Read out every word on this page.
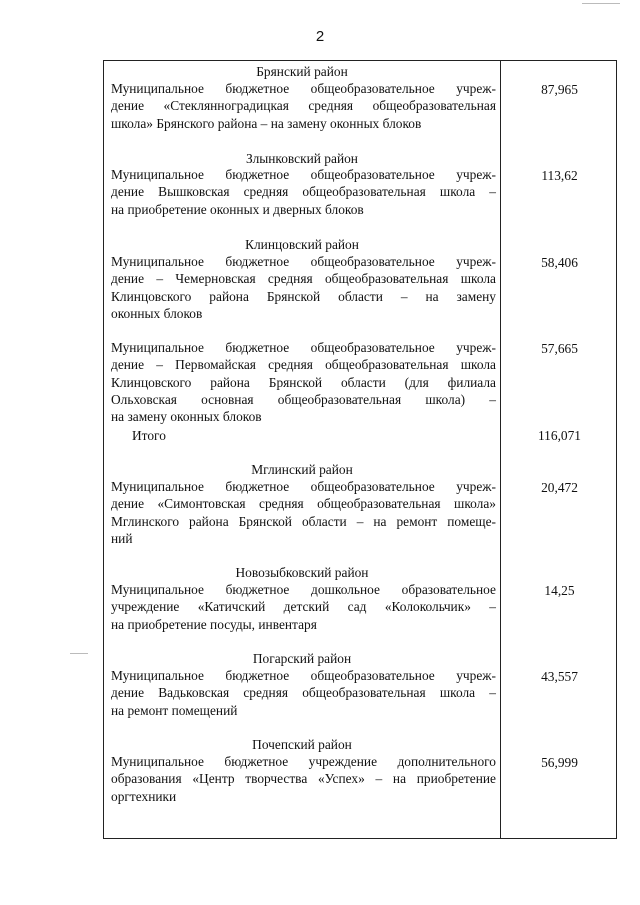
2
Брянский район
Муниципальное бюджетное общеобразовательное учреж-
дение «Стеклянноградицкая средняя общеобразовательная
школа» Брянского района – на замену оконных блоков
87,965
Злынковский район
Муниципальное бюджетное общеобразовательное учреж-
дение Вышковская средняя общеобразовательная школа –
на приобретение оконных и дверных блоков
113,62
Клинцовский район
Муниципальное бюджетное общеобразовательное учреж-
дение – Чемерновская средняя общеобразовательная школа
Клинцовского района Брянской области – на замену
оконных блоков
58,406
Муниципальное бюджетное общеобразовательное учреж-
дение – Первомайская средняя общеобразовательная школа
Клинцовского района Брянской области (для филиала
Ольховская основная общеобразовательная школа) –
на замену оконных блоков
57,665
Итого	116,071
Мглинский район
Муниципальное бюджетное общеобразовательное учреж-
дение «Симонтовская средняя общеобразовательная школа»
Мглинского района Брянской области – на ремонт помеще-
ний
20,472
Новозыбковский район
Муниципальное бюджетное дошкольное образовательное
учреждение «Катичский детский сад «Колокольчик» –
на приобретение посуды, инвентаря
14,25
Погарский район
Муниципальное бюджетное общеобразовательное учреж-
дение Вадьковская средняя общеобразовательная школа –
на ремонт помещений
43,557
Почепский район
Муниципальное бюджетное учреждение дополнительного
образования «Центр творчества «Успех» – на приобретение
оргтехники
56,999
